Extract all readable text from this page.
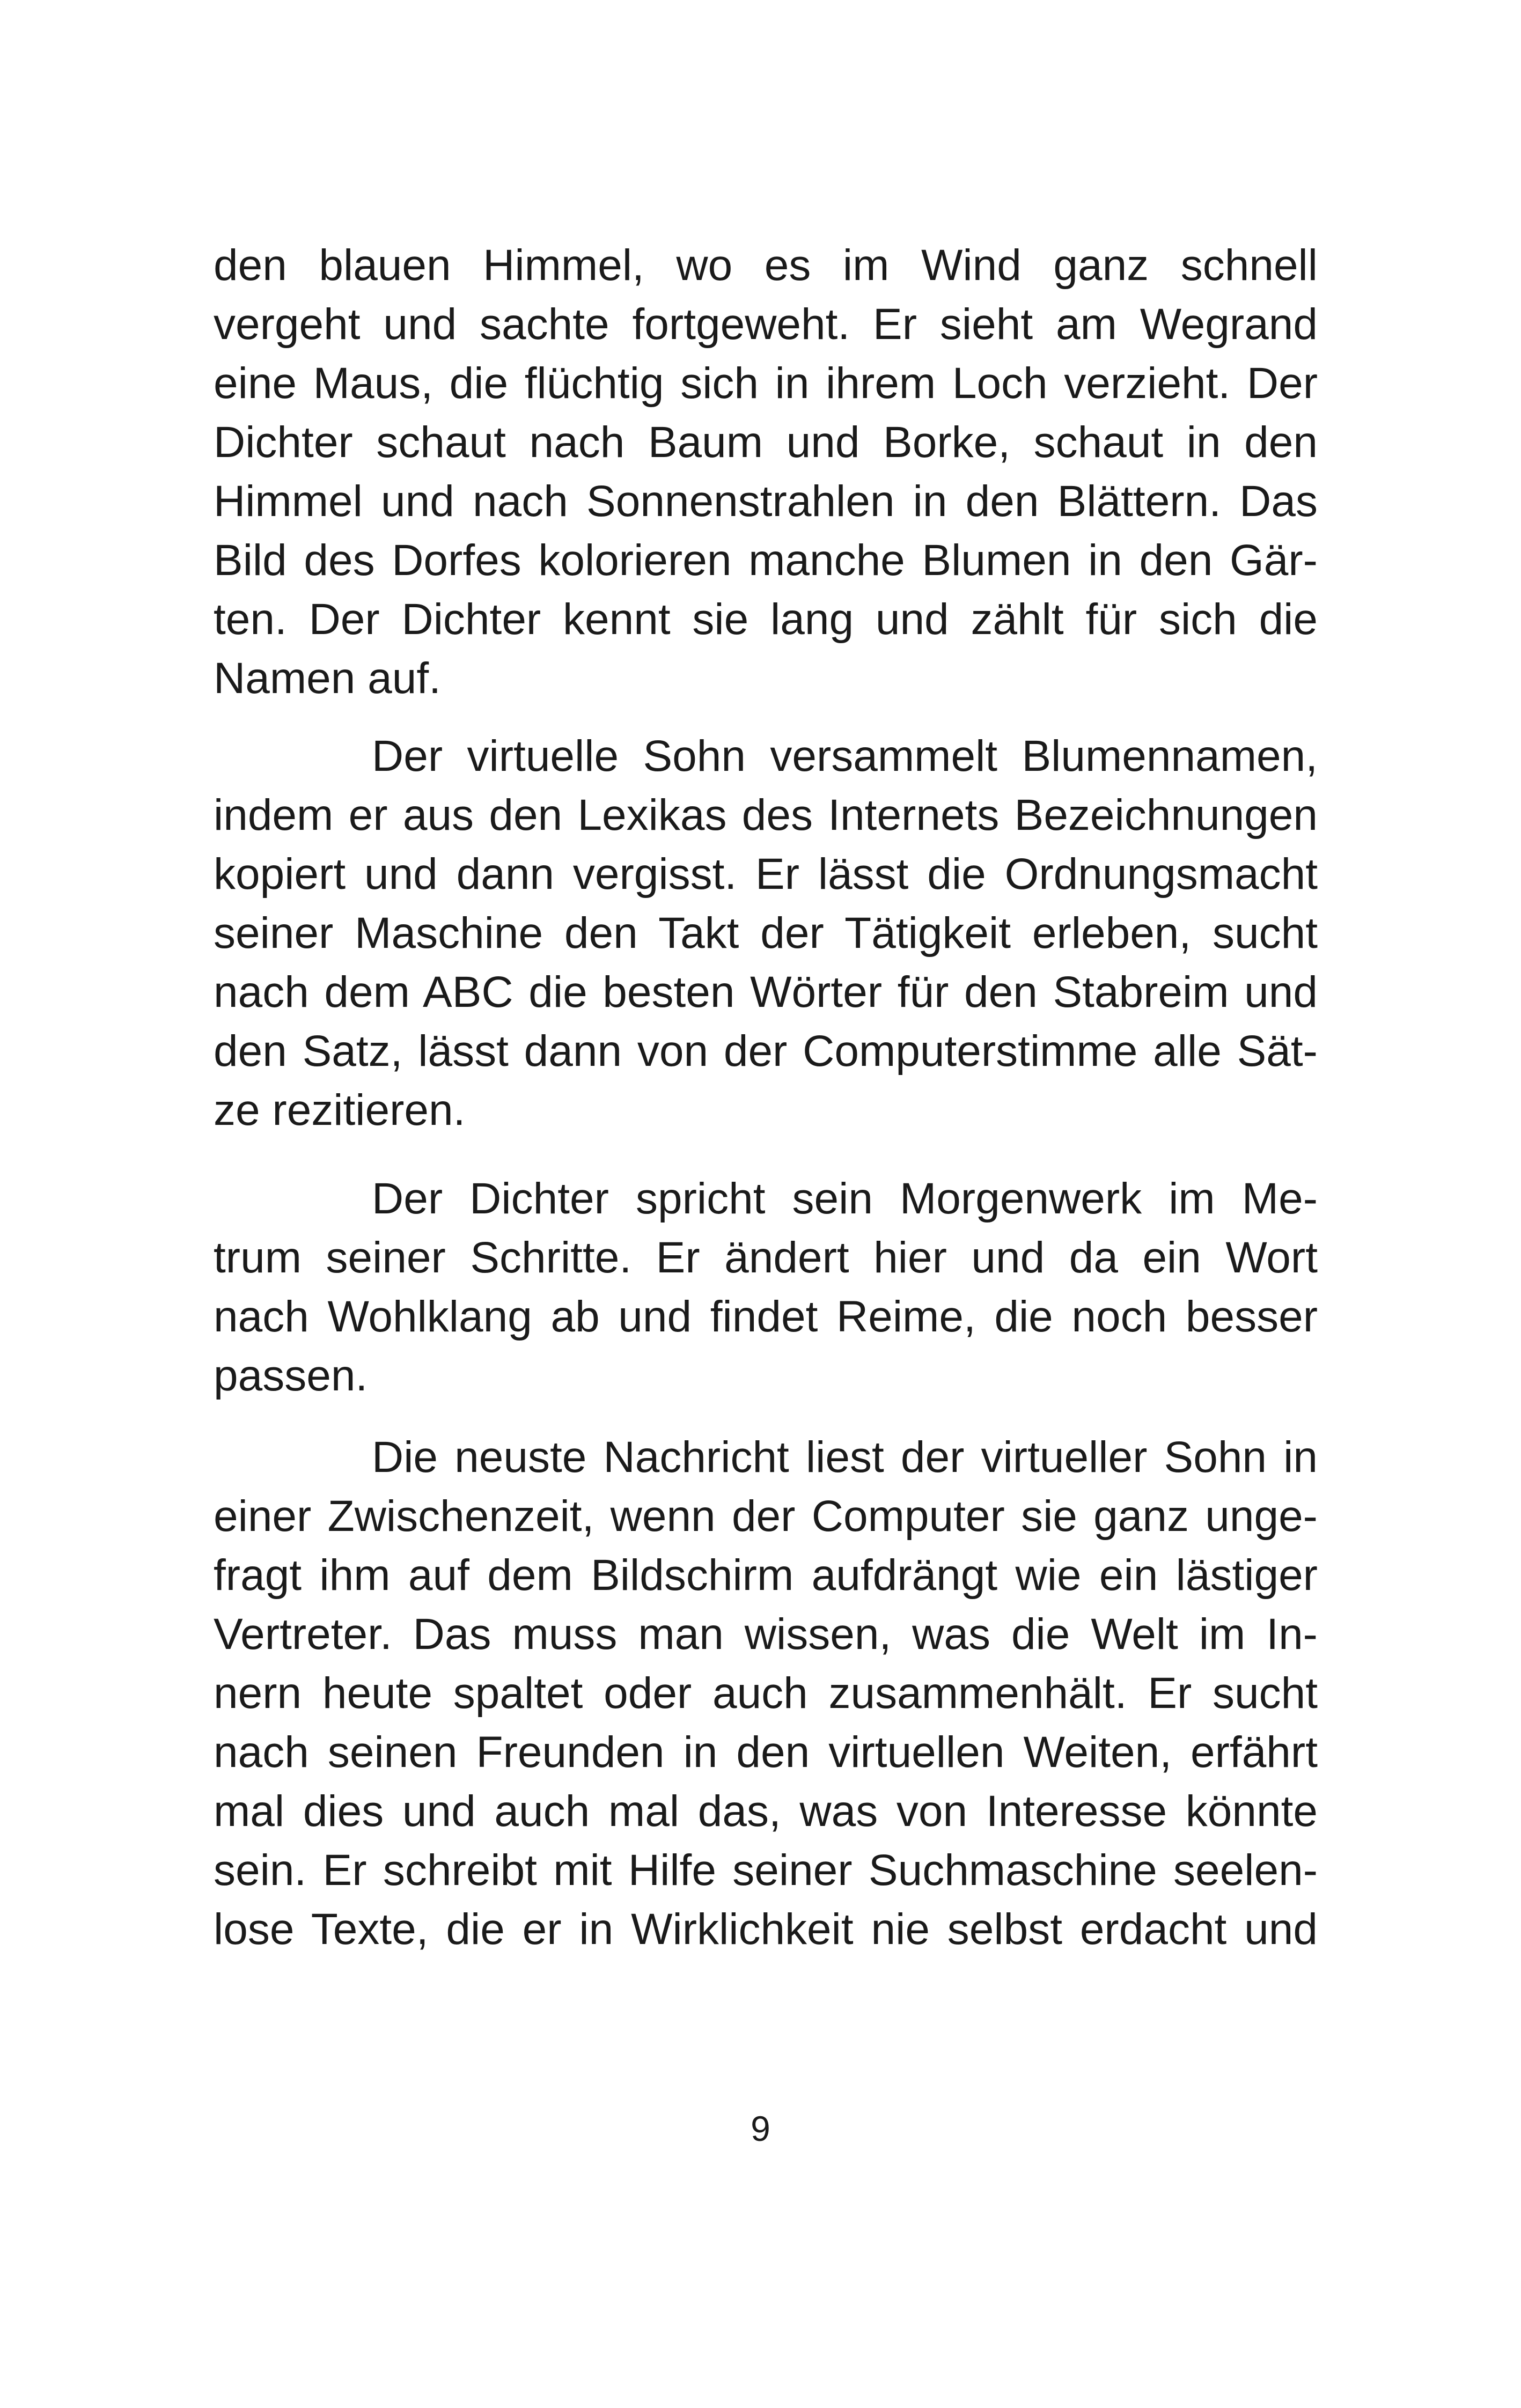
den blauen Himmel, wo es im Wind ganz schnell
vergeht und sachte fortgeweht. Er sieht am Wegrand
eine Maus, die flüchtig sich in ihrem Loch verzieht. Der
Dichter schaut nach Baum und Borke, schaut in den
Himmel und nach Sonnenstrahlen in den Blättern. Das
Bild des Dorfes kolorieren manche Blumen in den Gär-
ten. Der Dichter kennt sie lang und zählt für sich die
Namen auf.
Der virtuelle Sohn versammelt Blumennamen,
indem er aus den Lexikas des Internets Bezeichnungen
kopiert und dann vergisst. Er lässt die Ordnungsmacht
seiner Maschine den Takt der Tätigkeit erleben, sucht
nach dem ABC die besten Wörter für den Stabreim und
den Satz, lässt dann von der Computerstimme alle Sät-
ze rezitieren.
Der Dichter spricht sein Morgenwerk im Me-
trum seiner Schritte. Er ändert hier und da ein Wort
nach Wohlklang ab und findet Reime, die noch besser
passen.
Die neuste Nachricht liest der virtueller Sohn in
einer Zwischenzeit, wenn der Computer sie ganz unge-
fragt ihm auf dem Bildschirm aufdrängt wie ein lästiger
Vertreter. Das muss man wissen, was die Welt im In-
nern heute spaltet oder auch zusammenhält. Er sucht
nach seinen Freunden in den virtuellen Weiten, erfährt
mal dies und auch mal das, was von Interesse könnte
sein. Er schreibt mit Hilfe seiner Suchmaschine seelen-
lose Texte, die er in Wirklichkeit nie selbst erdacht und
9
